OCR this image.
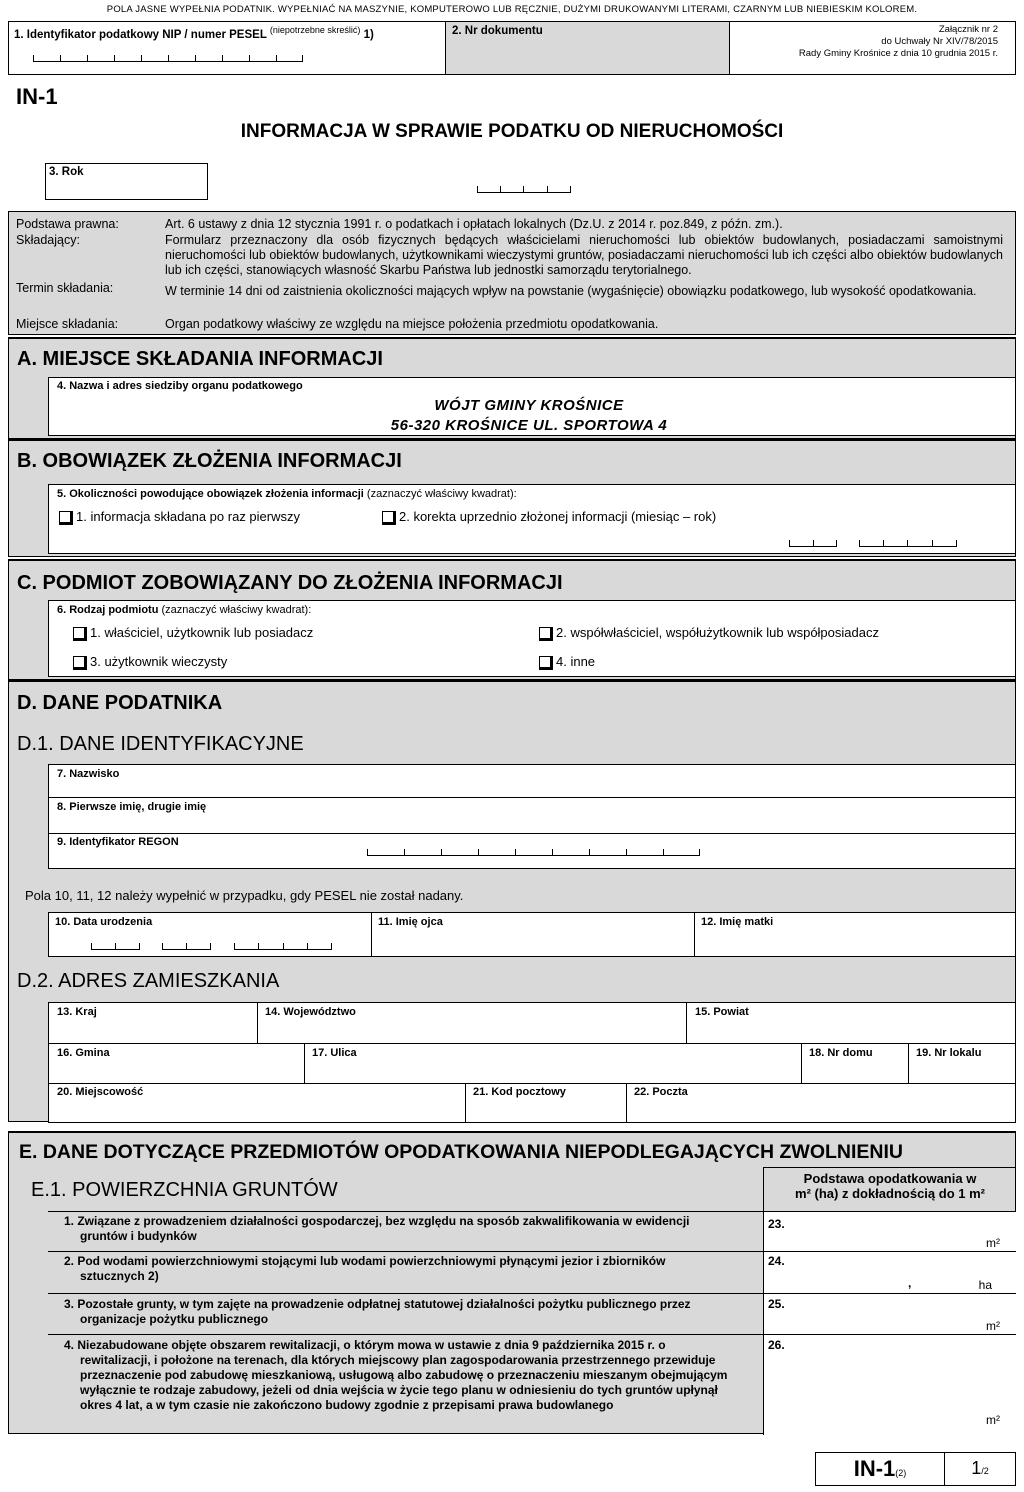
POLA JASNE WYPEŁNIA PODATNIK. WYPEŁNIAĆ NA MASZYNIE, KOMPUTEROWO LUB RĘCZNIE, DUŻYMI DRUKOWANYMI LITERAMI, CZARNYM LUB NIEBIESKIM KOLOREM.
1. Identyfikator podatkowy NIP / numer PESEL $^{(niepotrzebne skreślić)}$ 1)	2. Nr dokumentu	Załącznik nr 2
do Uchwały Nr XIV/78/2015
Rady Gminy Krośnice z dnia 10 grudnia 2015 r.
IN-1
INFORMACJA W SPRAWIE PODATKU OD NIERUCHOMOŚCI
3. Rok
Podstawa prawna:	Art. 6 ustawy z dnia 12 stycznia 1991 r. o podatkach i opłatach lokalnych (Dz.U. z 2014 r. poz.849, z późn. zm.).
Składający:	Formularz przeznaczony dla osób fizycznych będących właścicielami nieruchomości lub obiektów budowlanych, posiadaczami samoistnymi nieruchomości lub obiektów budowlanych, użytkownikami wieczystymi gruntów, posiadaczami nieruchomości lub ich części albo obiektów budowlanych lub ich części, stanowiących własność Skarbu Państwa lub jednostki samorządu terytorialnego.
Termin składania:	W terminie 14 dni od zaistnienia okoliczności mających wpływ na powstanie (wygaśnięcie) obowiązku podatkowego, lub wysokość opodatkowania.
Miejsce składania:	Organ podatkowy właściwy ze względu na miejsce położenia przedmiotu opodatkowania.
A. MIEJSCE SKŁADANIA INFORMACJI
4. Nazwa i adres siedziby organu podatkowego
WÓJT GMINY KROŚNICE
56-320 KROŚNICE UL. SPORTOWA 4
B. OBOWIĄZEK ZŁOŻENIA INFORMACJI
5. Okoliczności powodujące obowiązek złożenia informacji (zaznaczyć właściwy kwadrat):
1. informacja składana po raz pierwszy	2. korekta uprzednio złożonej informacji (miesiąc – rok)
C. PODMIOT ZOBOWIĄZANY DO ZŁOŻENIA INFORMACJI
6. Rodzaj podmiotu (zaznaczyć właściwy kwadrat):
1. właściciel, użytkownik lub posiadacz	2. współwłaściciel, współużytkownik lub współposiadacz
3. użytkownik wieczysty	4. inne
D. DANE PODATNIKA
D.1. DANE IDENTYFIKACYJNE
Pola 10, 11, 12 należy wypełnić w przypadku, gdy PESEL nie został nadany.
D.2. ADRES ZAMIESZKANIA
7. Nazwisko
8. Pierwsze imię, drugie imię
9. Identyfikator REGON
10. Data urodzenia	11. Imię ojca	12. Imię matki
13. Kraj	14. Województwo	15. Powiat
16. Gmina	17. Ulica	18. Nr domu	19. Nr lokalu
20. Miejscowość	21. Kod pocztowy	22. Poczta
E. DANE DOTYCZĄCE PRZEDMIOTÓW OPODATKOWANIA NIEPODLEGAJĄCYCH ZWOLNIENIU
E.1. POWIERZCHNIA GRUNTÓW
Podstawa opodatkowania w
m² (ha) z dokładnością do 1 m²
1. Związane z prowadzeniem działalności gospodarczej, bez względu na sposób zakwalifikowania w ewidencji gruntów i budynków
23.
m²
2. Pod wodami powierzchniowymi stojącymi lub wodami powierzchniowymi płynącymi jezior i zbiorników sztucznych 2)
24.
,	ha
3. Pozostałe grunty, w tym zajęte na prowadzenie odpłatnej statutowej działalności pożytku publicznego przez organizacje pożytku publicznego
25.
m²
4. Niezabudowane objęte obszarem rewitalizacji, o którym mowa w ustawie z dnia 9 października 2015 r. o rewitalizacji, i położone na terenach, dla których miejscowy plan zagospodarowania przestrzennego przewiduje przeznaczenie pod zabudowę mieszkaniową, usługową albo zabudowę o przeznaczeniu mieszanym obejmującym wyłącznie te rodzaje zabudowy, jeżeli od dnia wejścia w życie tego planu w odniesieniu do tych gruntów upłynął okres 4 lat, a w tym czasie nie zakończono budowy zgodnie z przepisami prawa budowlanego
26.
m²
IN-1(2)	1/2
